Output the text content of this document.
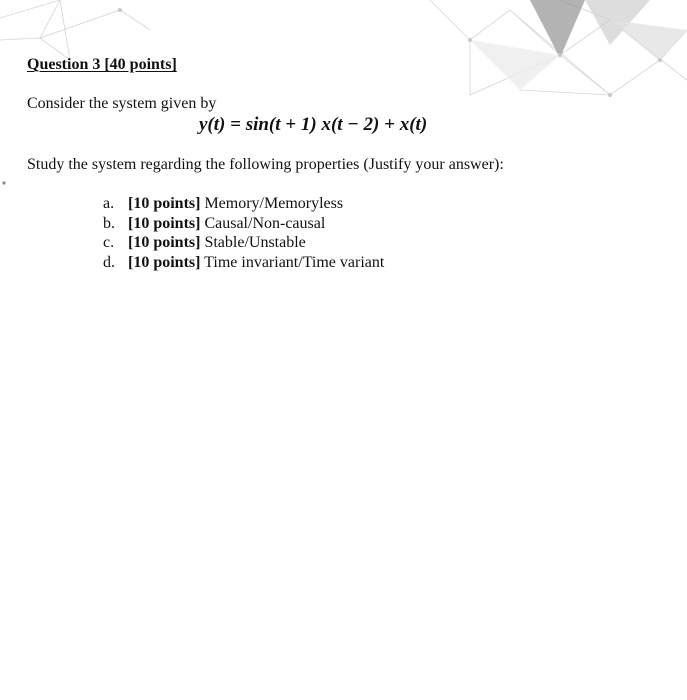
Question 3 [40 points]
Consider the system given by
y(t) = sin(t + 1) x(t − 2) + x(t)
Study the system regarding the following properties (Justify your answer):
a. [10 points] Memory/Memoryless
b. [10 points] Causal/Non-causal
c. [10 points] Stable/Unstable
d. [10 points] Time invariant/Time variant
